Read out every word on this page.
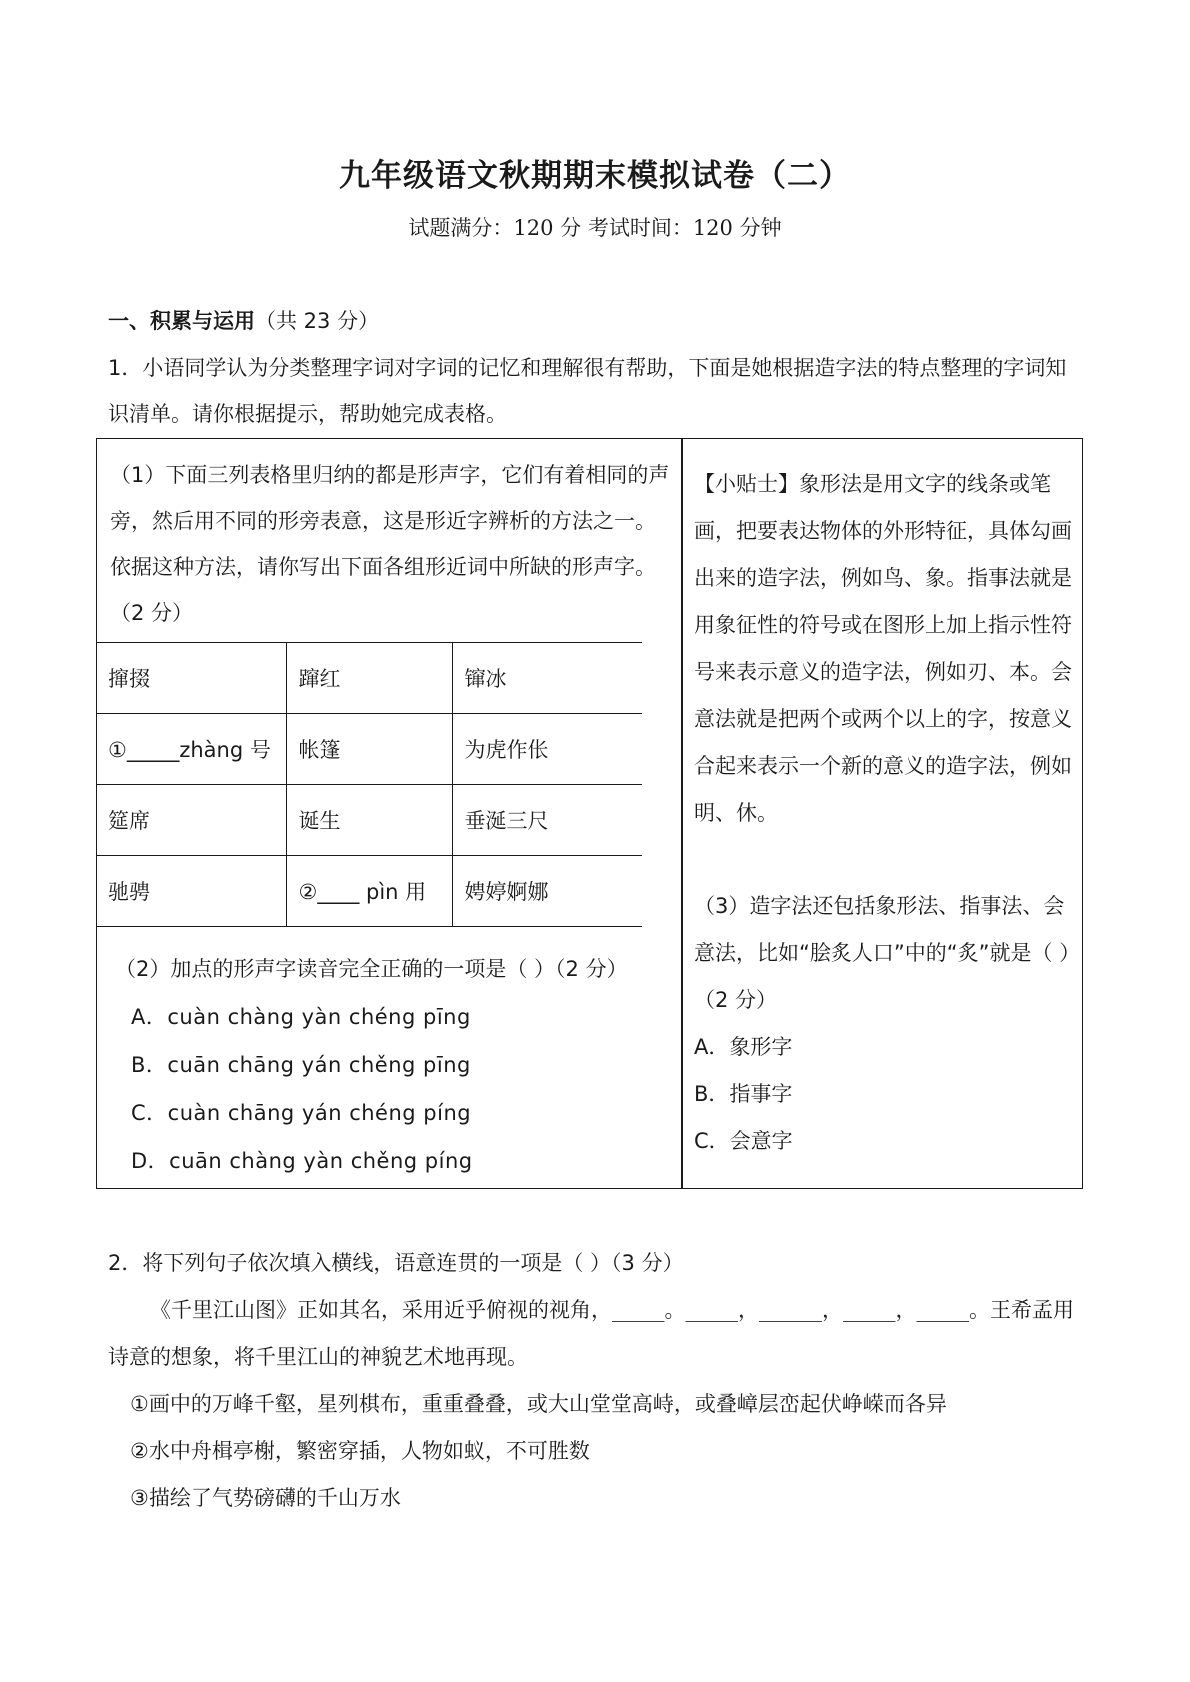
九年级语文秋期期末模拟试卷（二）
试题满分：120 分 考试时间：120 分钟
一、积累与运用（共 23 分）
1．小语同学认为分类整理字词对字词的记忆和理解很有帮助，下面是她根据造字法的特点整理的字词知识清单。请你根据提示，帮助她完成表格。
（1）下面三列表格里归纳的都是形声字，它们有着相同的声旁，然后用不同的形旁表意，这是形近字辨析的方法之一。依据这种方法，请你写出下面各组形近词中所缺的形声字。（2 分）
撺掇	蹿红	镩冰
①_____zhàng 号	帐篷	为虎作伥
筵席	诞生	垂涎三尺
驰骋	②____ pìn 用	娉婷婀娜
（2）加点的形声字读音完全正确的一项是（ ）（2 分）
A．cuàn chàng yàn chéng pīng
B．cuān chāng yán chěng pīng
C．cuàn chāng yán chéng píng
D．cuān chàng yàn chěng píng
【小贴士】象形法是用文字的线条或笔画，把要表达物体的外形特征，具体勾画出来的造字法，例如鸟、象。指事法就是用象征性的符号或在图形上加上指示性符号来表示意义的造字法，例如刃、本。会意法就是把两个或两个以上的字，按意义合起来表示一个新的意义的造字法，例如明、休。
（3）造字法还包括象形法、指事法、会意法，比如“脍炙人口”中的“炙”就是（ ）（2 分）
A．象形字
B．指事字
C．会意字
2．将下列句子依次填入横线，语意连贯的一项是（ ）（3 分）
《千里江山图》正如其名，采用近乎俯视的视角，_____。_____，______，_____，_____。王希孟用诗意的想象，将千里江山的神貌艺术地再现。
①画中的万峰千壑，星列棋布，重重叠叠，或大山堂堂高峙，或叠嶂层峦起伏峥嵘而各异
②水中舟楫亭榭，繁密穿插，人物如蚁，不可胜数
③描绘了气势磅礴的千山万水
